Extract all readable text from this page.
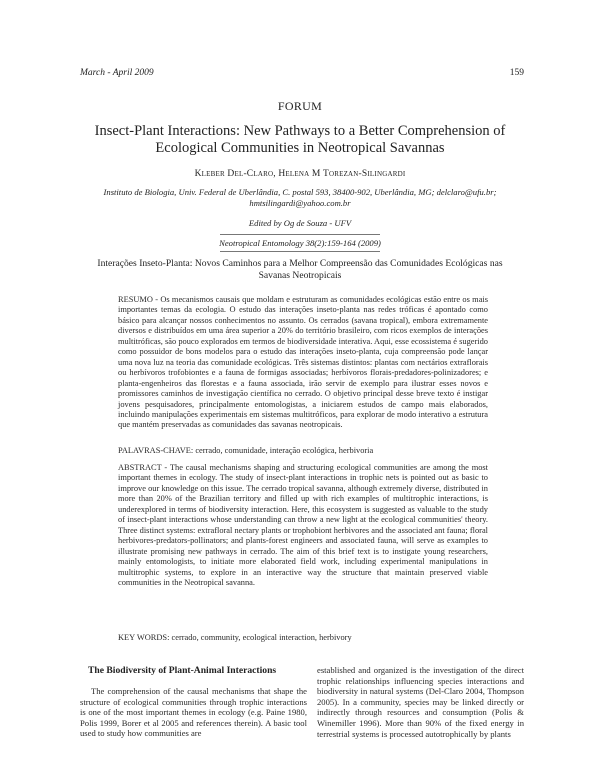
March - April 2009	159
FORUM
Insect-Plant Interactions: New Pathways to a Better Comprehension of Ecological Communities in Neotropical Savannas
Kleber Del-Claro, Helena M Torezan-Silingardi
Instituto de Biologia, Univ. Federal de Uberlândia, C. postal 593, 38400-902, Uberlândia, MG; delclaro@ufu.br; hmtsilingardi@yahoo.com.br
Edited by Og de Souza - UFV
Neotropical Entomology 38(2):159-164 (2009)
Interações Inseto-Planta: Novos Caminhos para a Melhor Compreensão das Comunidades Ecológicas nas Savanas Neotropicais
RESUMO - Os mecanismos causais que moldam e estruturam as comunidades ecológicas estão entre os mais importantes temas da ecologia. O estudo das interações inseto-planta nas redes tróficas é apontado como básico para alcançar nossos conhecimentos no assunto. Os cerrados (savana tropical), embora extremamente diversos e distribuídos em uma área superior a 20% do território brasileiro, com ricos exemplos de interações multitróficas, são pouco explorados em termos de biodiversidade interativa. Aqui, esse ecossistema é sugerido como possuidor de bons modelos para o estudo das interações inseto-planta, cuja compreensão pode lançar uma nova luz na teoria das comunidade ecológicas. Três sistemas distintos: plantas com nectários extraflorais ou herbívoros trofobiontes e a fauna de formigas associadas; herbívoros florais-predadores-polinizadores; e planta-engenheiros das florestas e a fauna associada, irão servir de exemplo para ilustrar esses novos e promissores caminhos de investigação científica no cerrado. O objetivo principal desse breve texto é instigar jovens pesquisadores, principalmente entomologistas, a iniciarem estudos de campo mais elaborados, incluindo manipulações experimentais em sistemas multitróficos, para explorar de modo interativo a estrutura que mantém preservadas as comunidades das savanas neotropicais.
PALAVRAS-CHAVE: cerrado, comunidade, interação ecológica, herbivoria
ABSTRACT - The causal mechanisms shaping and structuring ecological communities are among the most important themes in ecology. The study of insect-plant interactions in trophic nets is pointed out as basic to improve our knowledge on this issue. The cerrado tropical savanna, although extremely diverse, distributed in more than 20% of the Brazilian territory and filled up with rich examples of multitrophic interactions, is underexplored in terms of biodiversity interaction. Here, this ecosystem is suggested as valuable to the study of insect-plant interactions whose understanding can throw a new light at the ecological communities' theory. Three distinct systems: extrafloral nectary plants or trophobiont herbivores and the associated ant fauna; floral herbivores-predators-pollinators; and plants-forest engineers and associated fauna, will serve as examples to illustrate promising new pathways in cerrado. The aim of this brief text is to instigate young researchers, mainly entomologists, to initiate more elaborated field work, including experimental manipulations in multitrophic systems, to explore in an interactive way the structure that maintain preserved viable communities in the Neotropical savanna.
KEY WORDS: cerrado, community, ecological interaction, herbivory
The Biodiversity of Plant-Animal Interactions
The comprehension of the causal mechanisms that shape the structure of ecological communities through trophic interactions is one of the most important themes in ecology (e.g. Paine 1980, Polis 1999, Borer et al 2005 and references therein). A basic tool used to study how communities are
established and organized is the investigation of the direct trophic relationships influencing species interactions and biodiversity in natural systems (Del-Claro 2004, Thompson 2005). In a community, species may be linked directly or indirectly through resources and consumption (Polis & Winemiller 1996). More than 90% of the fixed energy in terrestrial systems is processed autotrophically by plants
